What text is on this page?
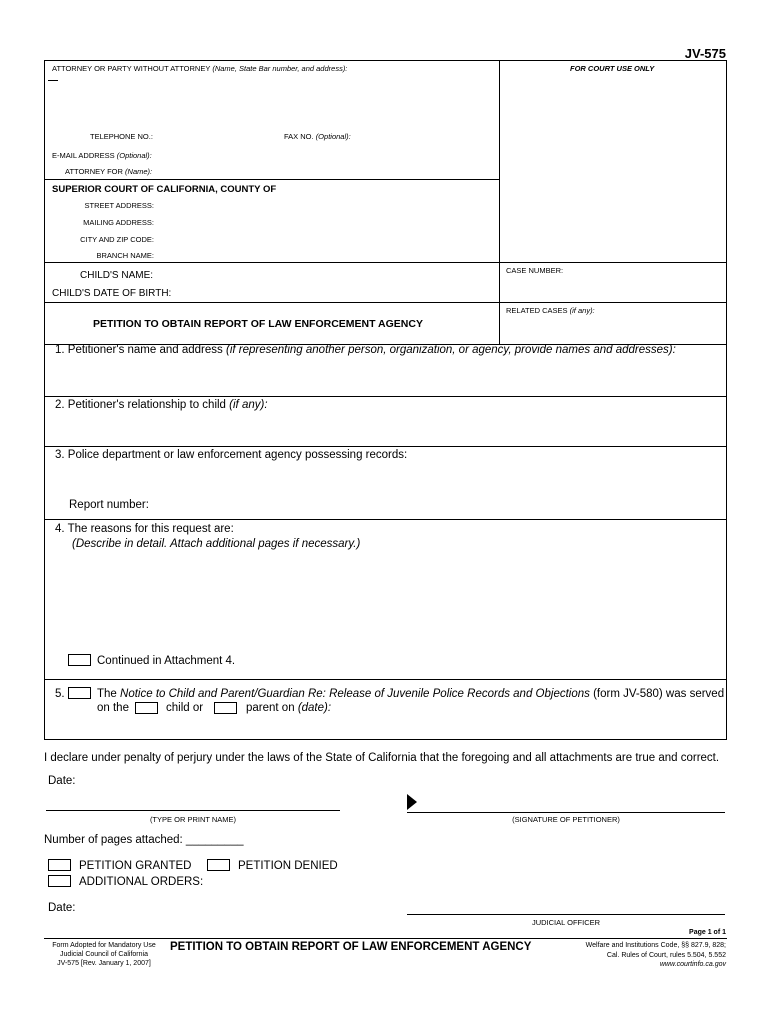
JV-575
ATTORNEY OR PARTY WITHOUT ATTORNEY (Name, State Bar number, and address):	FOR COURT USE ONLY
TELEPHONE NO.:	FAX NO. (Optional):
E-MAIL ADDRESS (Optional):
ATTORNEY FOR (Name):
SUPERIOR COURT OF CALIFORNIA, COUNTY OF
STREET ADDRESS:
MAILING ADDRESS:
CITY AND ZIP CODE:
BRANCH NAME:
CHILD'S NAME:
CHILD'S DATE OF BIRTH:
CASE NUMBER:
RELATED CASES (if any):
PETITION TO OBTAIN REPORT OF LAW ENFORCEMENT AGENCY
1. Petitioner's name and address (if representing another person, organization, or agency, provide names and addresses):
2. Petitioner's relationship to child (if any):
3. Police department or law enforcement agency possessing records:
Report number:
4. The reasons for this request are:
(Describe in detail. Attach additional pages if necessary.)
Continued in Attachment 4.
5.	The Notice to Child and Parent/Guardian Re: Release of Juvenile Police Records and Objections (form JV-580) was served
on the	child or	parent on (date):
I declare under penalty of perjury under the laws of the State of California that the foregoing and all attachments are true and correct.
Date:
(TYPE OR PRINT NAME)	(SIGNATURE OF PETITIONER)
Number of pages attached: _________
PETITION GRANTED	PETITION DENIED
ADDITIONAL ORDERS:
Date:
JUDICIAL OFFICER
Page 1 of 1
Form Adopted for Mandatory Use
Judicial Council of California
JV-575 [Rev. January 1, 2007]
PETITION TO OBTAIN REPORT OF LAW ENFORCEMENT AGENCY	Welfare and Institutions Code, §§ 827.9, 828;
Cal. Rules of Court, rules 5.504, 5.552
www.courtinfo.ca.gov
